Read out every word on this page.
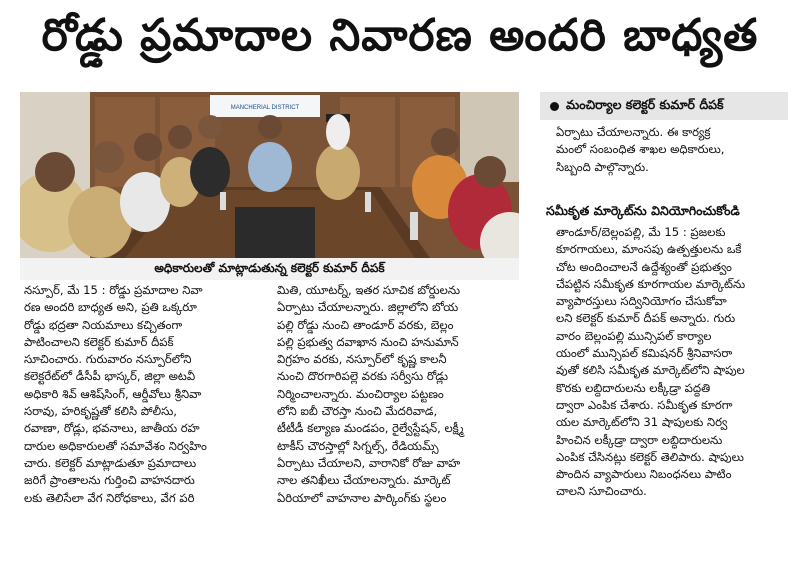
రోడ్డు ప్రమాదాల నివారణ అందరి బాధ్యత
MANCHERIAL DISTRICT
అధికారులతో మాట్లాడుతున్న కలెక్టర్‌ కుమార్‌ దీపక్‌
మంచిర్యాల కలెక్టర్‌ కుమార్‌ దీపక్‌
నస్పూర్‌, మే 15 : రోడ్డు ప్రమాదాల నివా
రణ అందరి బాధ్యత అని, ప్రతి ఒక్కరూ
రోడ్డు భద్రతా నియమాలు కచ్చితంగా
పాటించాలని కలెక్టర్‌ కుమార్‌ దీపక్‌
సూచించారు. గురువారం నస్పూర్‌లోని
కలెక్టరేట్‌లో డీసీపీ భాస్కర్‌, జిల్లా అటవీ
అధికారి శివ్‌ ఆశిష్‌సింగ్‌, ఆర్డీవోలు శ్రీనివా
సరావు, హరికృష్ణతో కలిసి పోలీసు,
రవాణా, రోడ్లు, భవనాలు, జాతీయ రహ
దారుల అధికారులతో సమావేశం నిర్వహిం
చారు. కలెక్టర్‌ మాట్లాడుతూ ప్రమాదాలు
జరిగే ప్రాంతాలను గుర్తించి వాహనదారు
లకు తెలిసేలా వేగ నిరోధకాలు, వేగ పరి
మితి, యూటర్న్‌, ఇతర సూచిక బోర్డులను
ఏర్పాటు చేయాలన్నారు. జిల్లాలోని బోయ
పల్లి రోడ్డు నుంచి తాండూర్‌ వరకు, బెల్లం
పల్లి ప్రభుత్వ దవాఖాన నుంచి హనుమాన్‌
విగ్రహం వరకు, నస్పూర్‌లో కృష్ణ కాలనీ
నుంచి దొరగారిపల్లె వరకు సర్వీసు రోడ్లు
నిర్మించాలన్నారు. మంచిర్యాల పట్టణం
లోని ఐబీ చౌరస్తా నుంచి మేదరివాడ,
టీటీడీ కల్యాణ మండపం, రైల్వేస్టేషన్‌, లక్ష్మీ
టాకీస్‌ చౌరస్తాల్లో సిగ్నల్స్‌, రేడియమ్స్‌
ఏర్పాటు చేయాలని, వారానికో రోజు వాహ
నాల తనిఖీలు చేయాలన్నారు. మార్కెట్‌
ఏరియాలో వాహనాల పార్కింగ్‌కు స్థలం
ఏర్పాటు చేయాలన్నారు. ఈ కార్యక్ర
మంలో సంబంధిత శాఖల అధికారులు,
సిబ్బంది పాల్గొన్నారు.
సమీకృత మార్కెట్‌ను వినియోగించుకోండి
తాండూర్‌/బెల్లంపల్లి, మే 15 : ప్రజలకు
కూరగాయలు, మాంసపు ఉత్పత్తులను ఒకే
చోట అందించాలనే ఉద్దేశ్యంతో ప్రభుత్వం
చేపట్టిన సమీకృత కూరగాయల మార్కెట్‌ను
వ్యాపారస్తులు సద్వినియోగం చేసుకోవా
లని కలెక్టర్‌ కుమార్‌ దీపక్‌ అన్నారు. గురు
వారం బెల్లంపల్లి మున్సిపల్‌ కార్యాల
యంలో మున్సిపల్‌ కమిషనర్‌ శ్రీనివాసరా
వుతో కలిసి సమీకృత మార్కెట్‌లోని షాపుల
కొరకు లబ్ధిదారులను లక్కీడ్రా పద్ధతి
ద్వారా ఎంపిక చేశారు. సమీకృత కూరగా
యల మార్కెట్‌లోని 31 షాపులకు నిర్వ
హించిన లక్కీడ్రా ద్వారా లబ్ధిదారులను
ఎంపిక చేసినట్లు కలెక్టర్‌ తెలిపారు. షాపులు
పొందిన వ్యాపారులు నిబంధనలు పాటిం
చాలని సూచించారు.
